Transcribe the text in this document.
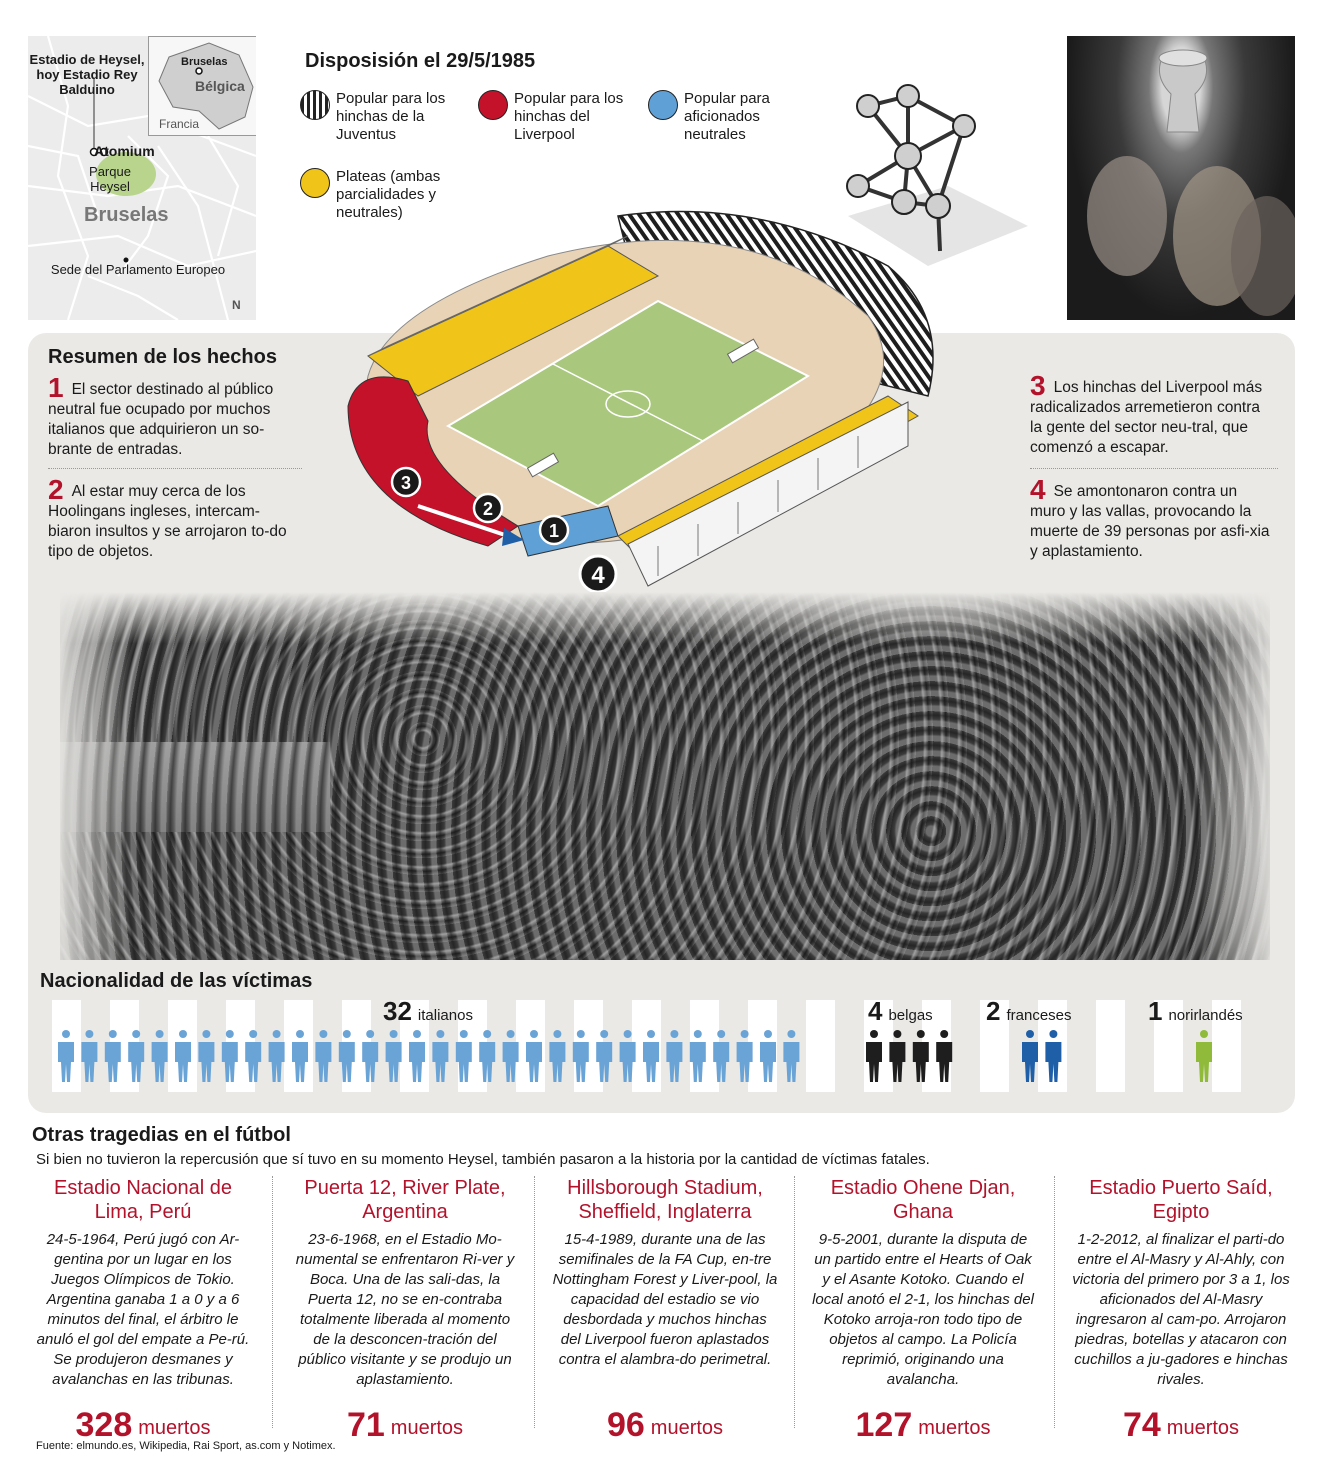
Estadio de Heysel, hoy Estadio Rey Balduino
Atomium
Parque Heysel
Bruselas
Sede del Parlamento Europeo
N
Bruselas
Bélgica
Francia
Disposisión el 29/5/1985
Popular para los hinchas de la Juventus
Popular para los hinchas del Liverpool
Popular para aficionados neutrales
Plateas (ambas parcialidades y neutrales)
Resumen de los hechos
1 El sector destinado al público neutral fue ocupado por muchos italianos que adquirieron un so-brante de entradas.
2 Al estar muy cerca de los Hoolingans ingleses, intercam-biaron insultos y se arrojaron to-do tipo de objetos.
3 Los hinchas del Liverpool más radicalizados arremetieron contra la gente del sector neu-tral, que comenzó a escapar.
4 Se amontonaron contra un muro y las vallas, provocando la muerte de 39 personas por asfi-xia y aplastamiento.
3
2
1
4
Nacionalidad de las víctimas
32 italianos	4 belgas 2 franceses	1 norirlandés
Otras tragedias en el fútbol
Si bien no tuvieron la repercusión que sí tuvo en su momento Heysel, también pasaron a la historia por la cantidad de víctimas fatales.
Estadio Nacional de Lima, Perú
24-5-1964, Perú jugó con Ar-gentina por un lugar en los Juegos Olímpicos de Tokio. Argentina ganaba 1 a 0 y a 6 minutos del final, el árbitro le anuló el gol del empate a Pe-rú. Se produjeron desmanes y avalanchas en las tribunas.
328 muertos
Puerta 12, River Plate, Argentina
23-6-1968, en el Estadio Mo-numental se enfrentaron Ri-ver y Boca. Una de las sali-das, la Puerta 12, no se en-contraba totalmente liberada al momento de la desconcen-tración del público visitante y se produjo un aplastamiento.
71 muertos
Hillsborough Stadium, Sheffield, Inglaterra
15-4-1989, durante una de las semifinales de la FA Cup, en-tre Nottingham Forest y Liver-pool, la capacidad del estadio se vio desbordada y muchos hinchas del Liverpool fueron aplastados contra el alambra-do perimetral.
96 muertos
Estadio Ohene Djan, Ghana
9-5-2001, durante la disputa de un partido entre el Hearts of Oak y el Asante Kotoko. Cuando el local anotó el 2-1, los hinchas del Kotoko arroja-ron todo tipo de objetos al campo. La Policía reprimió, originando una avalancha.
127 muertos
Estadio Puerto Saíd, Egipto
1-2-2012, al finalizar el parti-do entre el Al-Masry y Al-Ahly, con victoria del primero por 3 a 1, los aficionados del Al-Masry ingresaron al cam-po. Arrojaron piedras, botellas y atacaron con cuchillos a ju-gadores e hinchas rivales.
74 muertos
Fuente: elmundo.es, Wikipedia, Rai Sport, as.com y Notimex.
